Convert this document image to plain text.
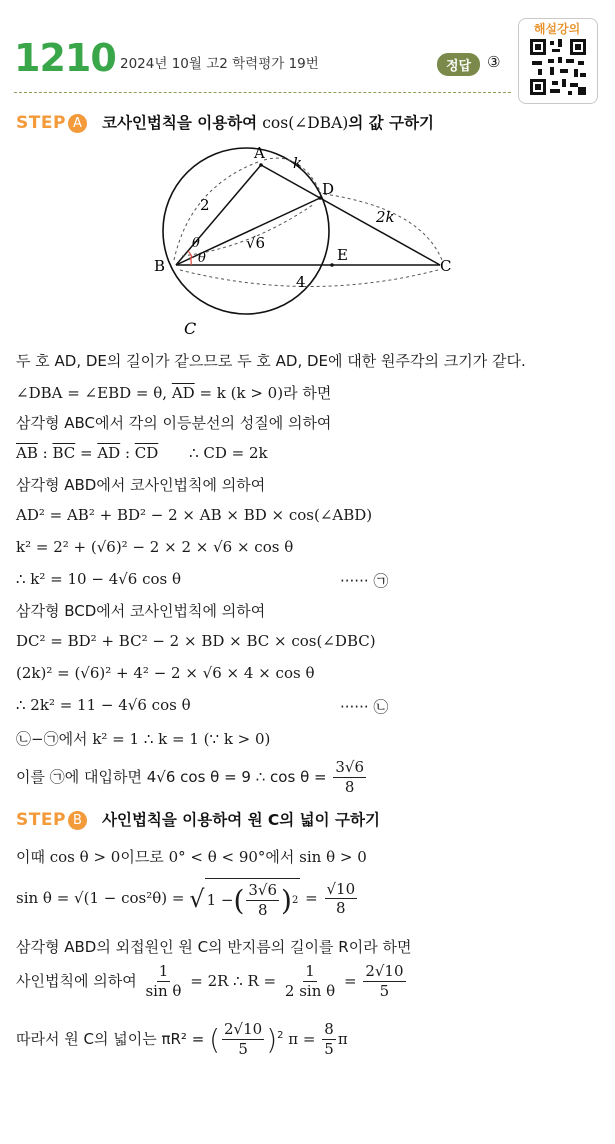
1210 2024년 10월 고2 학력평가 19번	정답	③
해설강의
STEP A 코사인법칙을 이용하여 cos(∠DBA)의 값 구하기
A
B	C
D
E
C
2
k
2k
4
√6
θ
θ
두 호 AD, DE의 길이가 같으므로 두 호 AD, DE에 대한 원주각의 크기가 같다.
∠DBA = ∠EBD = θ, $\overline{AD} = k$ (k > 0)라 하면
삼각형 ABC에서 각의 이등분선의 성질에 의하여
$\overline{AB}$ : $\overline{BC} = \overline{AD}$ : $\overline{CD}$ ∴ CD = 2k
삼각형 ABD에서 코사인법칙에 의하여
AD² = AB² + BD² − 2 × AB × BD × cos(∠ABD)
k² = 2² + (√6)² − 2 × 2 × √6 × cos θ
∴ k² = 10 − 4√6 cos θ	······ ㉠
삼각형 BCD에서 코사인법칙에 의하여
DC² = BD² + BC² − 2 × BD × BC × cos(∠DBC)
(2k)² = (√6)² + 4² − 2 × √6 × 4 × cos θ
∴ 2k² = 11 − 4√6 cos θ	······ ㉡
㉡−㉠에서 k² = 1 ∴ k = 1 (∵ k > 0)
이를 ㉠에 대입하면 4√6 cos θ = 9 ∴ $\cos \theta = \frac{3√6}{8}$
STEP B 사인법칙을 이용하여 원 C의 넓이 구하기
이때 cos θ > 0이므로 0° < θ < 90°에서 sin θ > 0
sin θ = √(1 − cos²θ) = √ 1 − ( $\frac{3√6}{8}$ ) $2 = \frac{√10}{8}$
삼각형 ABD의 외접원인 원 C의 반지름의 길이를 R이라 하면
사인법칙에 의하여 $\frac{1}{\text{sin θ}} = 2R$ ∴ $R = \frac{1}{\text{2 sin θ}} = \frac{2√10}{5}$
따라서 원 C의 넓이는 πR² = ( $\frac{2√10}{5} )^2$ $\pi = \frac{8}{5}$ π
